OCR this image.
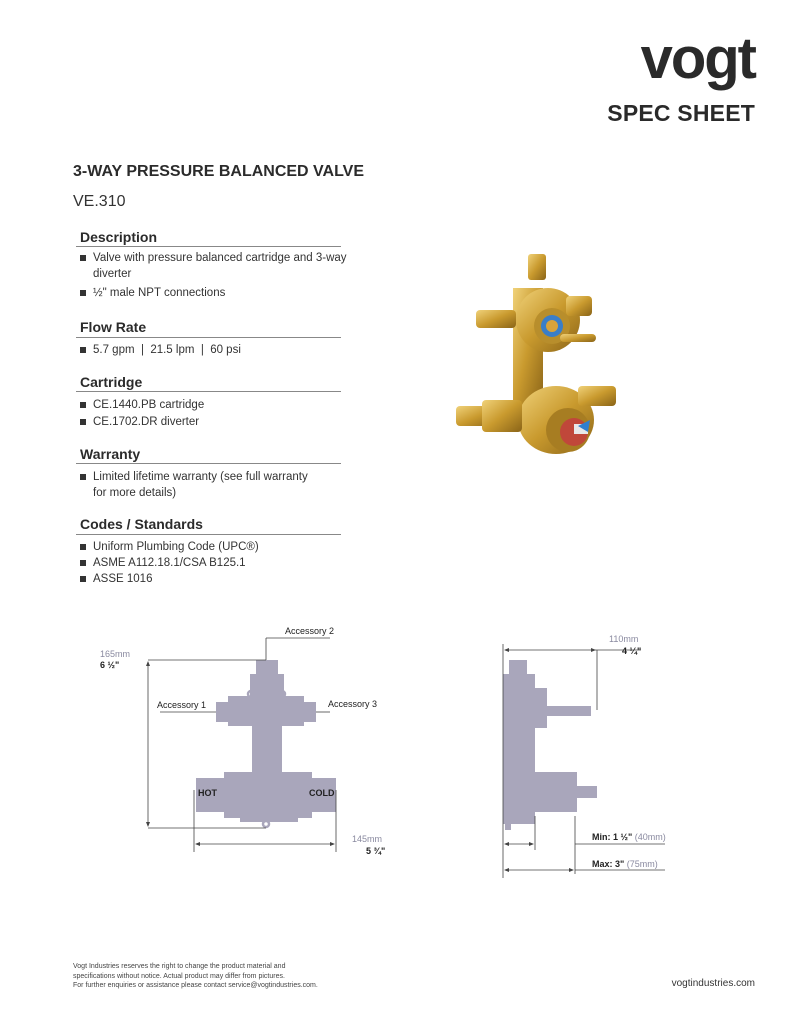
vogt
SPEC SHEET
3-WAY PRESSURE BALANCED VALVE
VE.310
Description
Valve with pressure balanced cartridge and 3-way diverter
½" male NPT connections
Flow Rate
5.7 gpm  |  21.5 lpm  |  60 psi
Cartridge
CE.1440.PB cartridge
CE.1702.DR diverter
Warranty
Limited lifetime warranty (see full warranty for more details)
Codes / Standards
Uniform Plumbing Code (UPC®)
ASME A112.18.1/CSA B125.1
ASSE 1016
Accessory 2
Accessory 1	Accessory 3
165mm
6 ½"
HOT	COLD
145mm
5 ¾"
110mm
4 ¼"
Min: 1 ½" (40mm)
Max: 3" (75mm)
Vogt Industries reserves the right to change the product material and
specifications without notice. Actual product may differ from pictures.
For further enquiries or assistance please contact service@vogtindustries.com.	vogtindustries.com
